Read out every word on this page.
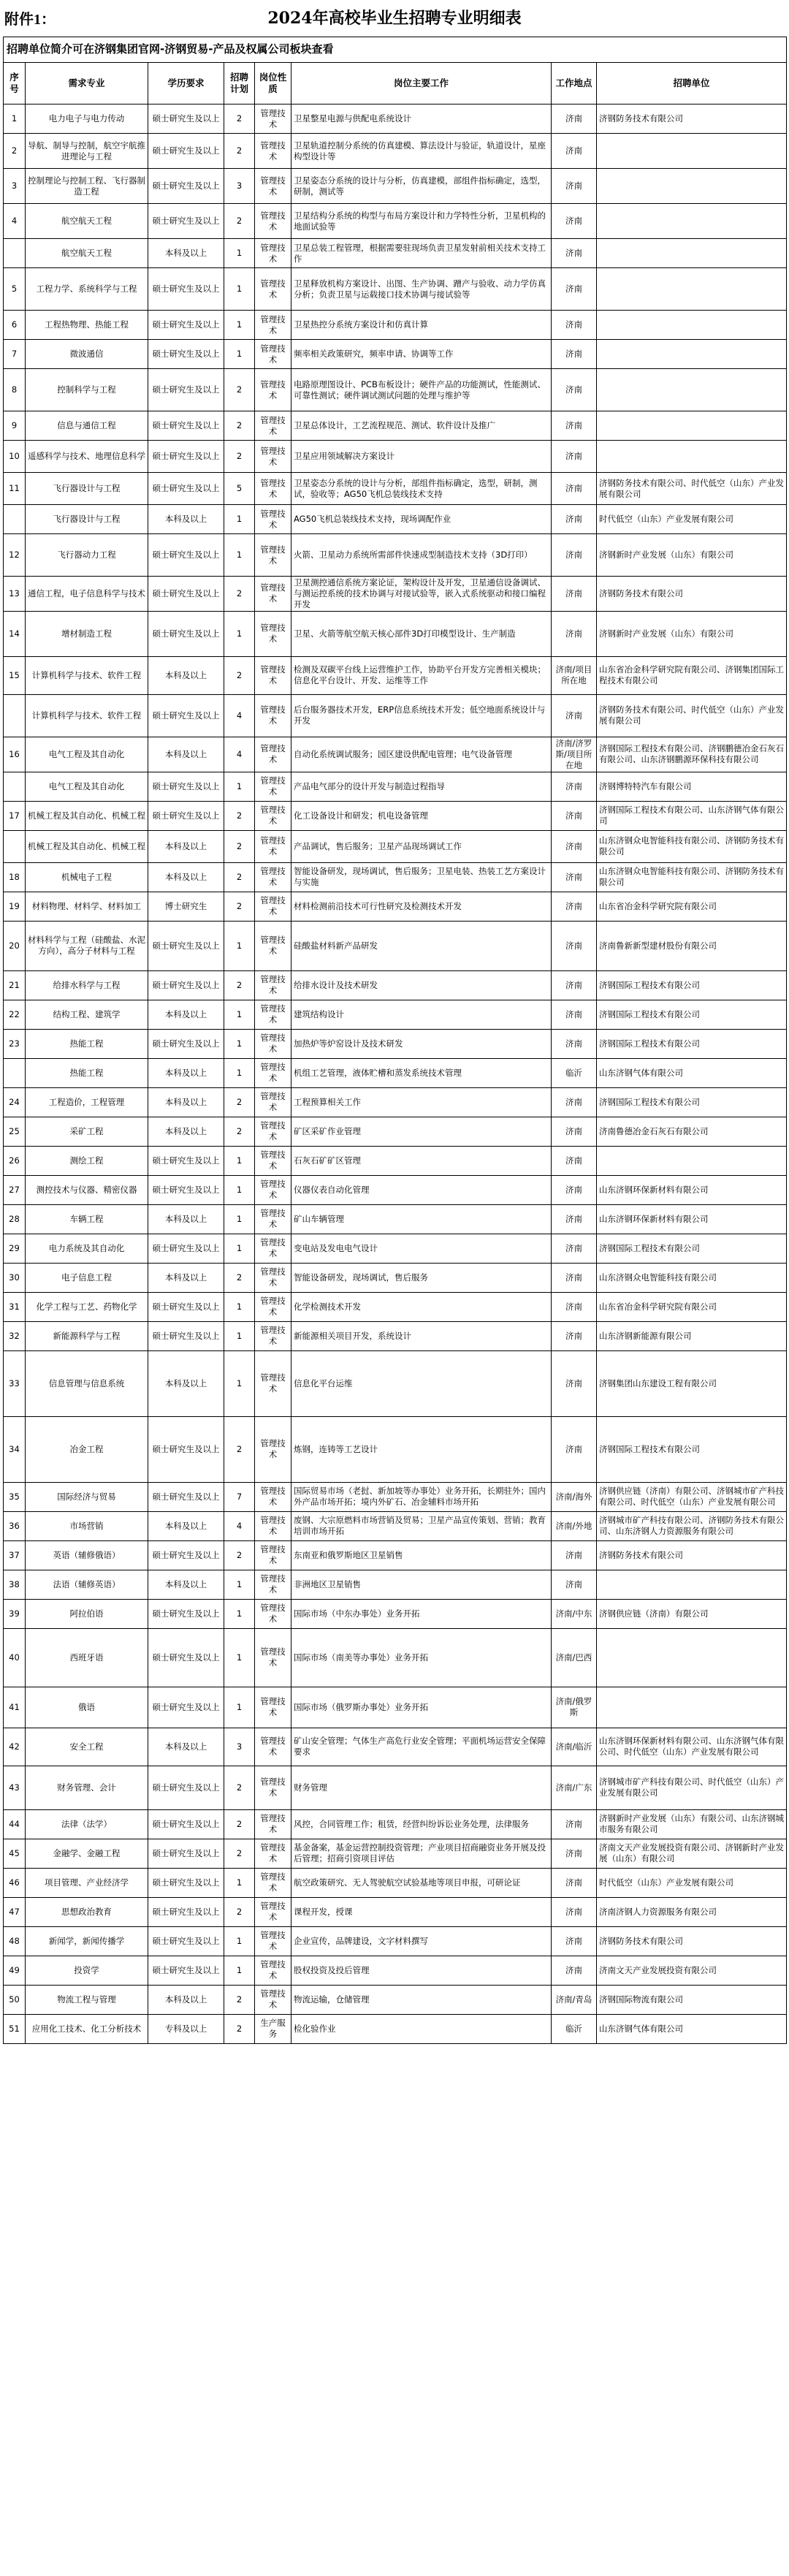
附件1：	2024年高校毕业生招聘专业明细表
招聘单位简介可在济钢集团官网-济钢贸易-产品及权属公司板块查看							
序号	需求专业	学历要求	招聘计划	岗位性质	岗位主要工作	工作地点	招聘单位
1	电力电子与电力传动	硕士研究生及以上	2	管理技术	卫星整星电源与供配电系统设计	济南	济钢防务技术有限公司
2	导航、制导与控制，航空宇航推进理论与工程	硕士研究生及以上	2	管理技术	卫星轨道控制分系统的仿真建模、算法设计与验证，轨道设计，星座构型设计等	济南	
3	控制理论与控制工程、飞行器制造工程	硕士研究生及以上	3	管理技术	卫星姿态分系统的设计与分析，仿真建模，部组件指标确定，选型，研制，测试等	济南	
4	航空航天工程	硕士研究生及以上	2	管理技术	卫星结构分系统的构型与布局方案设计和力学特性分析，卫星机构的地面试验等	济南	
	航空航天工程	本科及以上	1	管理技术	卫星总装工程管理，根据需要驻现场负责卫星发射前相关技术支持工作	济南	
5	工程力学、系统科学与工程	硕士研究生及以上	1	管理技术	卫星释放机构方案设计、出图、生产协调、蹭产与验收、动力学仿真分析；负责卫星与运载接口技术协调与接试验等	济南	
6	工程热物理、热能工程	硕士研究生及以上	1	管理技术	卫星热控分系统方案设计和仿真计算	济南	
7	微波通信	硕士研究生及以上	1	管理技术	频率相关政策研究，频率申请、协调等工作	济南	
8	控制科学与工程	硕士研究生及以上	2	管理技术	电路原理图设计、PCB布板设计；硬件产品的功能测试，性能测试、可靠性测试；硬件调试测试问题的处理与维护等	济南	
9	信息与通信工程	硕士研究生及以上	2	管理技术	卫星总体设计，工艺流程规范、测试、软件设计及推广	济南	
10	遥感科学与技术、地理信息科学	硕士研究生及以上	2	管理技术	卫星应用领域解决方案设计	济南	
11	飞行器设计与工程	硕士研究生及以上	5	管理技术	卫星姿态分系统的设计与分析，部组件指标确定，选型，研制，测试，验收等；AG50飞机总装线技术支持	济南	济钢防务技术有限公司、时代低空（山东）产业发展有限公司
	飞行器设计与工程	本科及以上	1	管理技术	AG50飞机总装线技术支持，现场调配作业	济南	时代低空（山东）产业发展有限公司
12	飞行器动力工程	硕士研究生及以上	1	管理技术	火箭、卫星动力系统所需部件快速成型制造技术支持（3D打印）	济南	济钢新时产业发展（山东）有限公司
13	通信工程，电子信息科学与技术	硕士研究生及以上	2	管理技术	卫星测控通信系统方案论证，架构设计及开发，卫星通信设备调试、与测运控系统的技术协调与对接试验等，嵌入式系统驱动和接口编程开发	济南	济钢防务技术有限公司
14	增材制造工程	硕士研究生及以上	1	管理技术	卫星、火箭等航空航天核心部件3D打印模型设计、生产制造	济南	济钢新时产业发展（山东）有限公司
15	计算机科学与技术、软件工程	本科及以上	2	管理技术	检测及双碳平台线上运营维护工作，协助平台开发方完善相关模块；信息化平台设计、开发、运维等工作	济南/项目所在地	山东省冶金科学研究院有限公司、济钢集团国际工程技术有限公司
	计算机科学与技术、软件工程	硕士研究生及以上	4	管理技术	后台服务器技术开发，ERP信息系统技术开发；低空地面系统设计与开发	济南	济钢防务技术有限公司、时代低空（山东）产业发展有限公司
16	电气工程及其自动化	本科及以上	4	管理技术	自动化系统调试服务；园区建设供配电管理；电气设备管理	济南/济罗斯/项目所在地	济钢国际工程技术有限公司、济钢鹏德冶金石灰石有限公司、山东济钢鹏源环保科技有限公司
	电气工程及其自动化	硕士研究生及以上	1	管理技术	产品电气部分的设计开发与制造过程指导	济南	济钢博特特汽车有限公司
17	机械工程及其自动化、机械工程	硕士研究生及以上	2	管理技术	化工设备设计和研发；机电设备管理	济南	济钢国际工程技术有限公司、山东济钢气体有限公司
	机械工程及其自动化、机械工程	本科及以上	2	管理技术	产品调试，售后服务；卫星产品现场调试工作	济南	山东济钢众电智能科技有限公司、济钢防务技术有限公司
18	机械电子工程	本科及以上	2	管理技术	智能设备研发，现场调试，售后服务；卫星电装、热装工艺方案设计与实施	济南	山东济钢众电智能科技有限公司、济钢防务技术有限公司
19	材料物理、材料学、材料加工	博士研究生	2	管理技术	材料检测前沿技术可行性研究及检测技术开发	济南	山东省冶金科学研究院有限公司
20	材料科学与工程（硅酸盐、水泥方向），高分子材料与工程	硕士研究生及以上	1	管理技术	硅酸盐材料新产品研发	济南	济南鲁新新型建材股份有限公司
21	给排水科学与工程	硕士研究生及以上	2	管理技术	给排水设计及技术研发	济南	济钢国际工程技术有限公司
22	结构工程、建筑学	本科及以上	1	管理技术	建筑结构设计	济南	济钢国际工程技术有限公司
23	热能工程	硕士研究生及以上	1	管理技术	加热炉等炉窑设计及技术研发	济南	济钢国际工程技术有限公司
	热能工程	本科及以上	1	管理技术	机组工艺管理，液体贮槽和蒸发系统技术管理	临沂	山东济钢气体有限公司
24	工程造价，工程管理	本科及以上	2	管理技术	工程预算相关工作	济南	济钢国际工程技术有限公司
25	采矿工程	本科及以上	2	管理技术	矿区采矿作业管理	济南	济南鲁德冶金石灰石有限公司
26	测绘工程	硕士研究生及以上	1	管理技术	石灰石矿矿区管理	济南	
27	测控技术与仪器、精密仪器	硕士研究生及以上	1	管理技术	仪器仪表自动化管理	济南	山东济钢环保新材料有限公司
28	车辆工程	本科及以上	1	管理技术	矿山车辆管理	济南	山东济钢环保新材料有限公司
29	电力系统及其自动化	硕士研究生及以上	1	管理技术	变电站及发电电气设计	济南	济钢国际工程技术有限公司
30	电子信息工程	本科及以上	2	管理技术	智能设备研发，现场调试，售后服务	济南	山东济钢众电智能科技有限公司
31	化学工程与工艺、药物化学	硕士研究生及以上	1	管理技术	化学检测技术开发	济南	山东省冶金科学研究院有限公司
32	新能源科学与工程	硕士研究生及以上	1	管理技术	新能源相关项目开发，系统设计	济南	山东济钢新能源有限公司
33	信息管理与信息系统	本科及以上	1	管理技术	信息化平台运维	济南	济钢集团山东建设工程有限公司
34	冶金工程	硕士研究生及以上	2	管理技术	炼钢，连铸等工艺设计	济南	济钢国际工程技术有限公司
35	国际经济与贸易	硕士研究生及以上	7	管理技术	国际贸易市场（老挝、新加坡等办事处）业务开拓，长期驻外；国内外产品市场开拓；境内外矿石、冶金辅料市场开拓	济南/海外	济钢供应链（济南）有限公司、济钢城市矿产科技有限公司、时代低空（山东）产业发展有限公司
36	市场营销	本科及以上	4	管理技术	废钢、大宗原燃料市场营销及贸易；卫星产品宣传策划、营销；教育培训市场开拓	济南/外地	济钢城市矿产科技有限公司、济钢防务技术有限公司、山东济钢人力资源服务有限公司
37	英语（辅修俄语）	硕士研究生及以上	2	管理技术	东南亚和俄罗斯地区卫星销售	济南	济钢防务技术有限公司
38	法语（辅修英语）	本科及以上	1	管理技术	非洲地区卫星销售	济南	
39	阿拉伯语	硕士研究生及以上	1	管理技术	国际市场（中东办事处）业务开拓	济南/中东	济钢供应链（济南）有限公司
40	西班牙语	硕士研究生及以上	1	管理技术	国际市场（南美等办事处）业务开拓	济南/巴西	
41	俄语	硕士研究生及以上	1	管理技术	国际市场（俄罗斯办事处）业务开拓	济南/俄罗斯	
42	安全工程	本科及以上	3	管理技术	矿山安全管理；气体生产高危行业安全管理；平面机场运营安全保障要求	济南/临沂	山东济钢环保新材料有限公司、山东济钢气体有限公司、时代低空（山东）产业发展有限公司
43	财务管理、会计	硕士研究生及以上	2	管理技术	财务管理	济南/广东	济钢城市矿产科技有限公司、时代低空（山东）产业发展有限公司
44	法律（法学）	硕士研究生及以上	2	管理技术	风控，合同管理工作；租赁，经营纠纷诉讼业务处理，法律服务	济南	济钢新时产业发展（山东）有限公司、山东济钢城市服务有限公司
45	金融学、金融工程	硕士研究生及以上	2	管理技术	基金备案，基金运营控制投资管理；产业项目招商融资业务开展及投后管理；招商引资项目评估	济南	济南文天产业发展投资有限公司、济钢新时产业发展（山东）有限公司
46	项目管理、产业经济学	硕士研究生及以上	1	管理技术	航空政策研究、无人驾驶航空试验基地等项目申报，可研论证	济南	时代低空（山东）产业发展有限公司
47	思想政治教育	硕士研究生及以上	2	管理技术	课程开发，授课	济南	济南济钢人力资源服务有限公司
48	新闻学，新闻传播学	硕士研究生及以上	1	管理技术	企业宣传，品牌建设，文字材料撰写	济南	济钢防务技术有限公司
49	投资学	硕士研究生及以上	1	管理技术	股权投资及投后管理	济南	济南文天产业发展投资有限公司
50	物流工程与管理	本科及以上	2	管理技术	物流运输，仓储管理	济南/青岛	济钢国际物流有限公司
51	应用化工技术、化工分析技术	专科及以上	2	生产服务	检化验作业	临沂	山东济钢气体有限公司
